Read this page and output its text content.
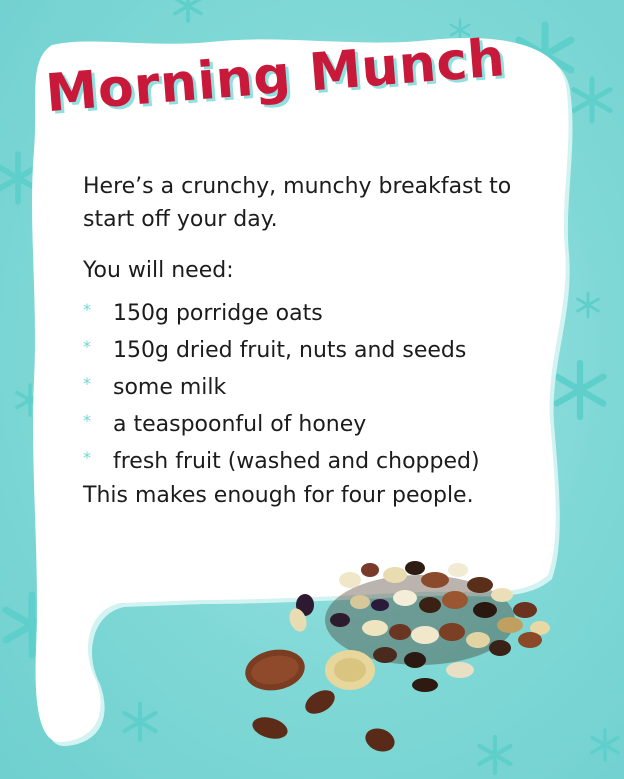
Morning Munch

Here’s a crunchy, munchy breakfast to start off your day.

You will need:

* 150g porridge oats
* 150g dried fruit, nuts and seeds
* some milk
* a teaspoonful of honey
* fresh fruit (washed and chopped)

This makes enough for four people.

4
